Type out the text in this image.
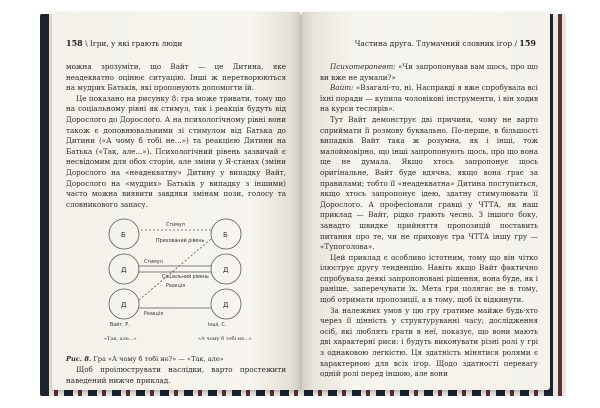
158 \ Ігри, у які грають люди

можна зрозуміти, що Вайт — це Дитина, яке неадекватно оцінює ситуацію. Інші ж перетворюються на мудрих Батьків, які пропонують допомогти їй.

Це показано на рисунку 8: гра може тривати, тому що на соціальному рівні як стимул, так і реакція будуть від Дорослого до Дорослого. А на психологічному рівні вони також є доповнювальними зі стимулом від Батька до Дитини («А чому б тобі не...») та реакцією Дитини на Батька («Так, але...»). Психологічний рівень зазвичай є несвідомим для обох сторін, але зміни у Я-станах (зміни Дорослого на «неадекватну» Дитину у випадку Вайт, Дорослого на «мудрих» Батьків у випадку з іншими) часто можна виявити завдяки змінам пози, голосу та словникового запасу.

Б
Д
Д
Б
Д
Д
Стимул
Прихований рівень
Стимул
Соціальний рівень
Реакція
Реакція
Вайт, Р.	Інші, С.
«Так, але...»	«А чому б тобі не...»
Рис. 8. Гра «А чому б тобі не?» — «Так, але»

Щоб проілюструвати наслідки, варто простежити наведений нижче приклад.

Частина друга. Тлумачний словник ігор / 159

Психотерапевт: «Чи запропонував вам щось, про що ви вже не думали?»

Вайт: «Взагалі-то, ні. Насправді я вже спробувала всі їхні поради — купила чоловікові інструменти, і він ходив на курси теслярів».

Тут Вайт демонструє дві причини, чому не варто сприймати її розмову буквально. По-перше, в більшості випадків Вайт така ж розумна, як і інші, тож малоймовірно, що інші запропонують щось, про що вона ще не думала. Якщо хтось запропонує щось оригінальне, Вайт буде вдячна, якщо вона грає за правилами; тобто її «неадекватна» Дитина поступиться, якщо хтось запропонує ідею, здатну стимулювати її Дорослого. А професіонали гравці у ЧТТА, як наш приклад — Вайт, рідко грають чесно. З іншого боку, занадто швидке прийняття пропозицій поставить питання про те, чи не приховує гра ЧТТА іншу гру — «Тупоголова».

Цей приклад є особливо істотним, тому що він чітко ілюструє другу тенденцію. Навіть якщо Вайт фактично спробувала деякі запропоновані рішення, вона буде, як і раніше, заперечувати їх. Мета гри полягає не в тому, щоб отримати пропозиції, а в тому, щоб їх відкинути.

За належних умов у цю гру гратиме майже будь-хто через її цінність у структуруванні часу; дослідження осіб, які люблять грати в неї, показує, що вони мають дві характерні риси: і будуть виконувати різні ролі у грі з однаковою легкістю. Ця здатність мінятися ролями є характерною для всіх ігор. Щодо здатності перевагу одній ролі перед іншою, але вони
